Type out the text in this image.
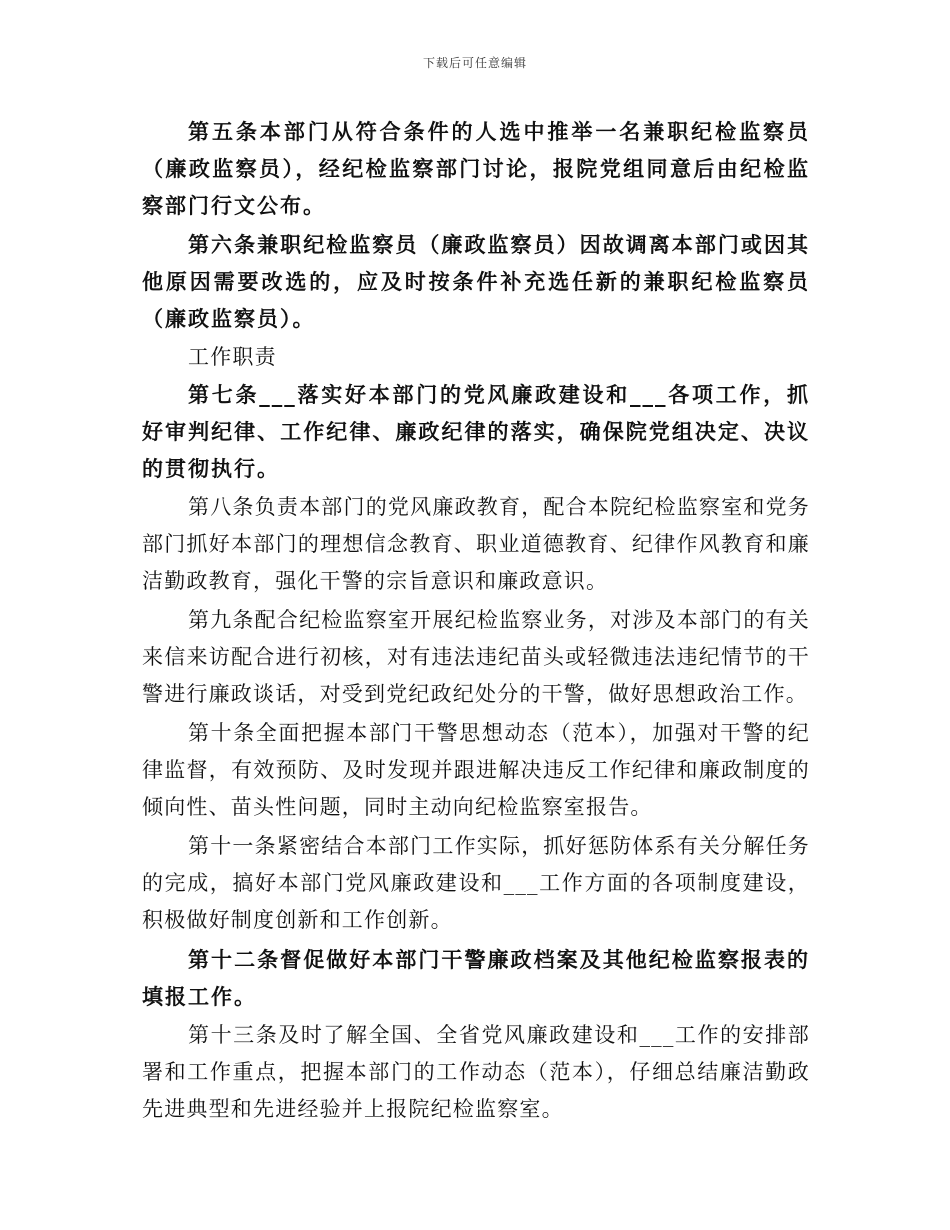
下载后可任意编辑

第五条本部门从符合条件的人选中推举一名兼职纪检监察员（廉政监察员），经纪检监察部门讨论，报院党组同意后由纪检监察部门行文公布。

第六条兼职纪检监察员（廉政监察员）因故调离本部门或因其他原因需要改选的，应及时按条件补充选任新的兼职纪检监察员（廉政监察员）。

工作职责

第七条___落实好本部门的党风廉政建设和___各项工作，抓好审判纪律、工作纪律、廉政纪律的落实，确保院党组决定、决议的贯彻执行。

第八条负责本部门的党风廉政教育，配合本院纪检监察室和党务部门抓好本部门的理想信念教育、职业道德教育、纪律作风教育和廉洁勤政教育，强化干警的宗旨意识和廉政意识。

第九条配合纪检监察室开展纪检监察业务，对涉及本部门的有关来信来访配合进行初核，对有违法违纪苗头或轻微违法违纪情节的干警进行廉政谈话，对受到党纪政纪处分的干警，做好思想政治工作。

第十条全面把握本部门干警思想动态（范本），加强对干警的纪律监督，有效预防、及时发现并跟进解决违反工作纪律和廉政制度的倾向性、苗头性问题，同时主动向纪检监察室报告。

第十一条紧密结合本部门工作实际，抓好惩防体系有关分解任务的完成，搞好本部门党风廉政建设和___工作方面的各项制度建设，积极做好制度创新和工作创新。

第十二条督促做好本部门干警廉政档案及其他纪检监察报表的填报工作。

第十三条及时了解全国、全省党风廉政建设和___工作的安排部署和工作重点，把握本部门的工作动态（范本），仔细总结廉洁勤政先进典型和先进经验并上报院纪检监察室。
